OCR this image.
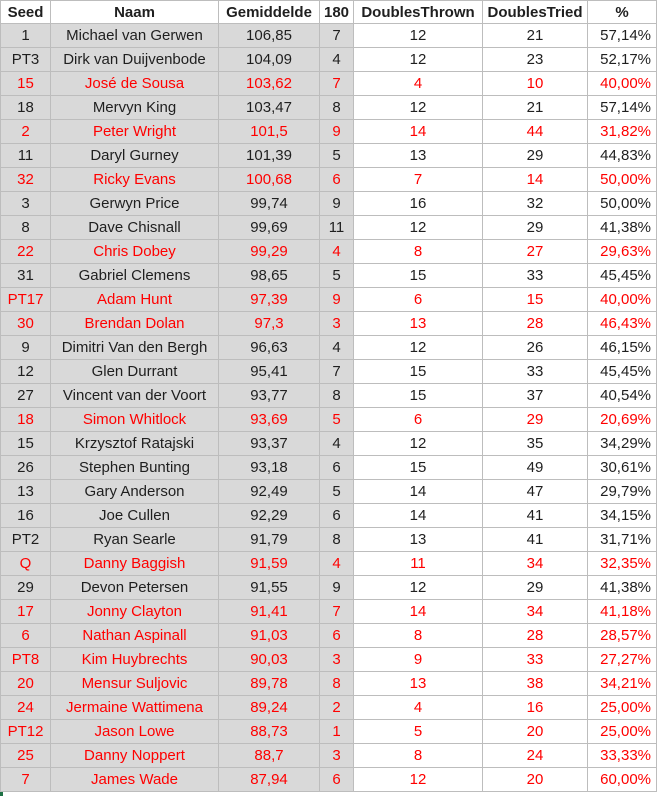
Seed	Naam	Gemiddelde	180	DoublesThrown	DoublesTried	%
1	Michael van Gerwen	106,85	7	12	21	57,14%
PT3	Dirk van Duijvenbode	104,09	4	12	23	52,17%
15	José de Sousa	103,62	7	4	10	40,00%
18	Mervyn King	103,47	8	12	21	57,14%
2	Peter Wright	101,5	9	14	44	31,82%
11	Daryl Gurney	101,39	5	13	29	44,83%
32	Ricky Evans	100,68	6	7	14	50,00%
3	Gerwyn Price	99,74	9	16	32	50,00%
8	Dave Chisnall	99,69	11	12	29	41,38%
22	Chris Dobey	99,29	4	8	27	29,63%
31	Gabriel Clemens	98,65	5	15	33	45,45%
PT17	Adam Hunt	97,39	9	6	15	40,00%
30	Brendan Dolan	97,3	3	13	28	46,43%
9	Dimitri Van den Bergh	96,63	4	12	26	46,15%
12	Glen Durrant	95,41	7	15	33	45,45%
27	Vincent van der Voort	93,77	8	15	37	40,54%
18	Simon Whitlock	93,69	5	6	29	20,69%
15	Krzysztof Ratajski	93,37	4	12	35	34,29%
26	Stephen Bunting	93,18	6	15	49	30,61%
13	Gary Anderson	92,49	5	14	47	29,79%
16	Joe Cullen	92,29	6	14	41	34,15%
PT2	Ryan Searle	91,79	8	13	41	31,71%
Q	Danny Baggish	91,59	4	11	34	32,35%
29	Devon Petersen	91,55	9	12	29	41,38%
17	Jonny Clayton	91,41	7	14	34	41,18%
6	Nathan Aspinall	91,03	6	8	28	28,57%
PT8	Kim Huybrechts	90,03	3	9	33	27,27%
20	Mensur Suljovic	89,78	8	13	38	34,21%
24	Jermaine Wattimena	89,24	2	4	16	25,00%
PT12	Jason Lowe	88,73	1	5	20	25,00%
25	Danny Noppert	88,7	3	8	24	33,33%
7	James Wade	87,94	6	12	20	60,00%
